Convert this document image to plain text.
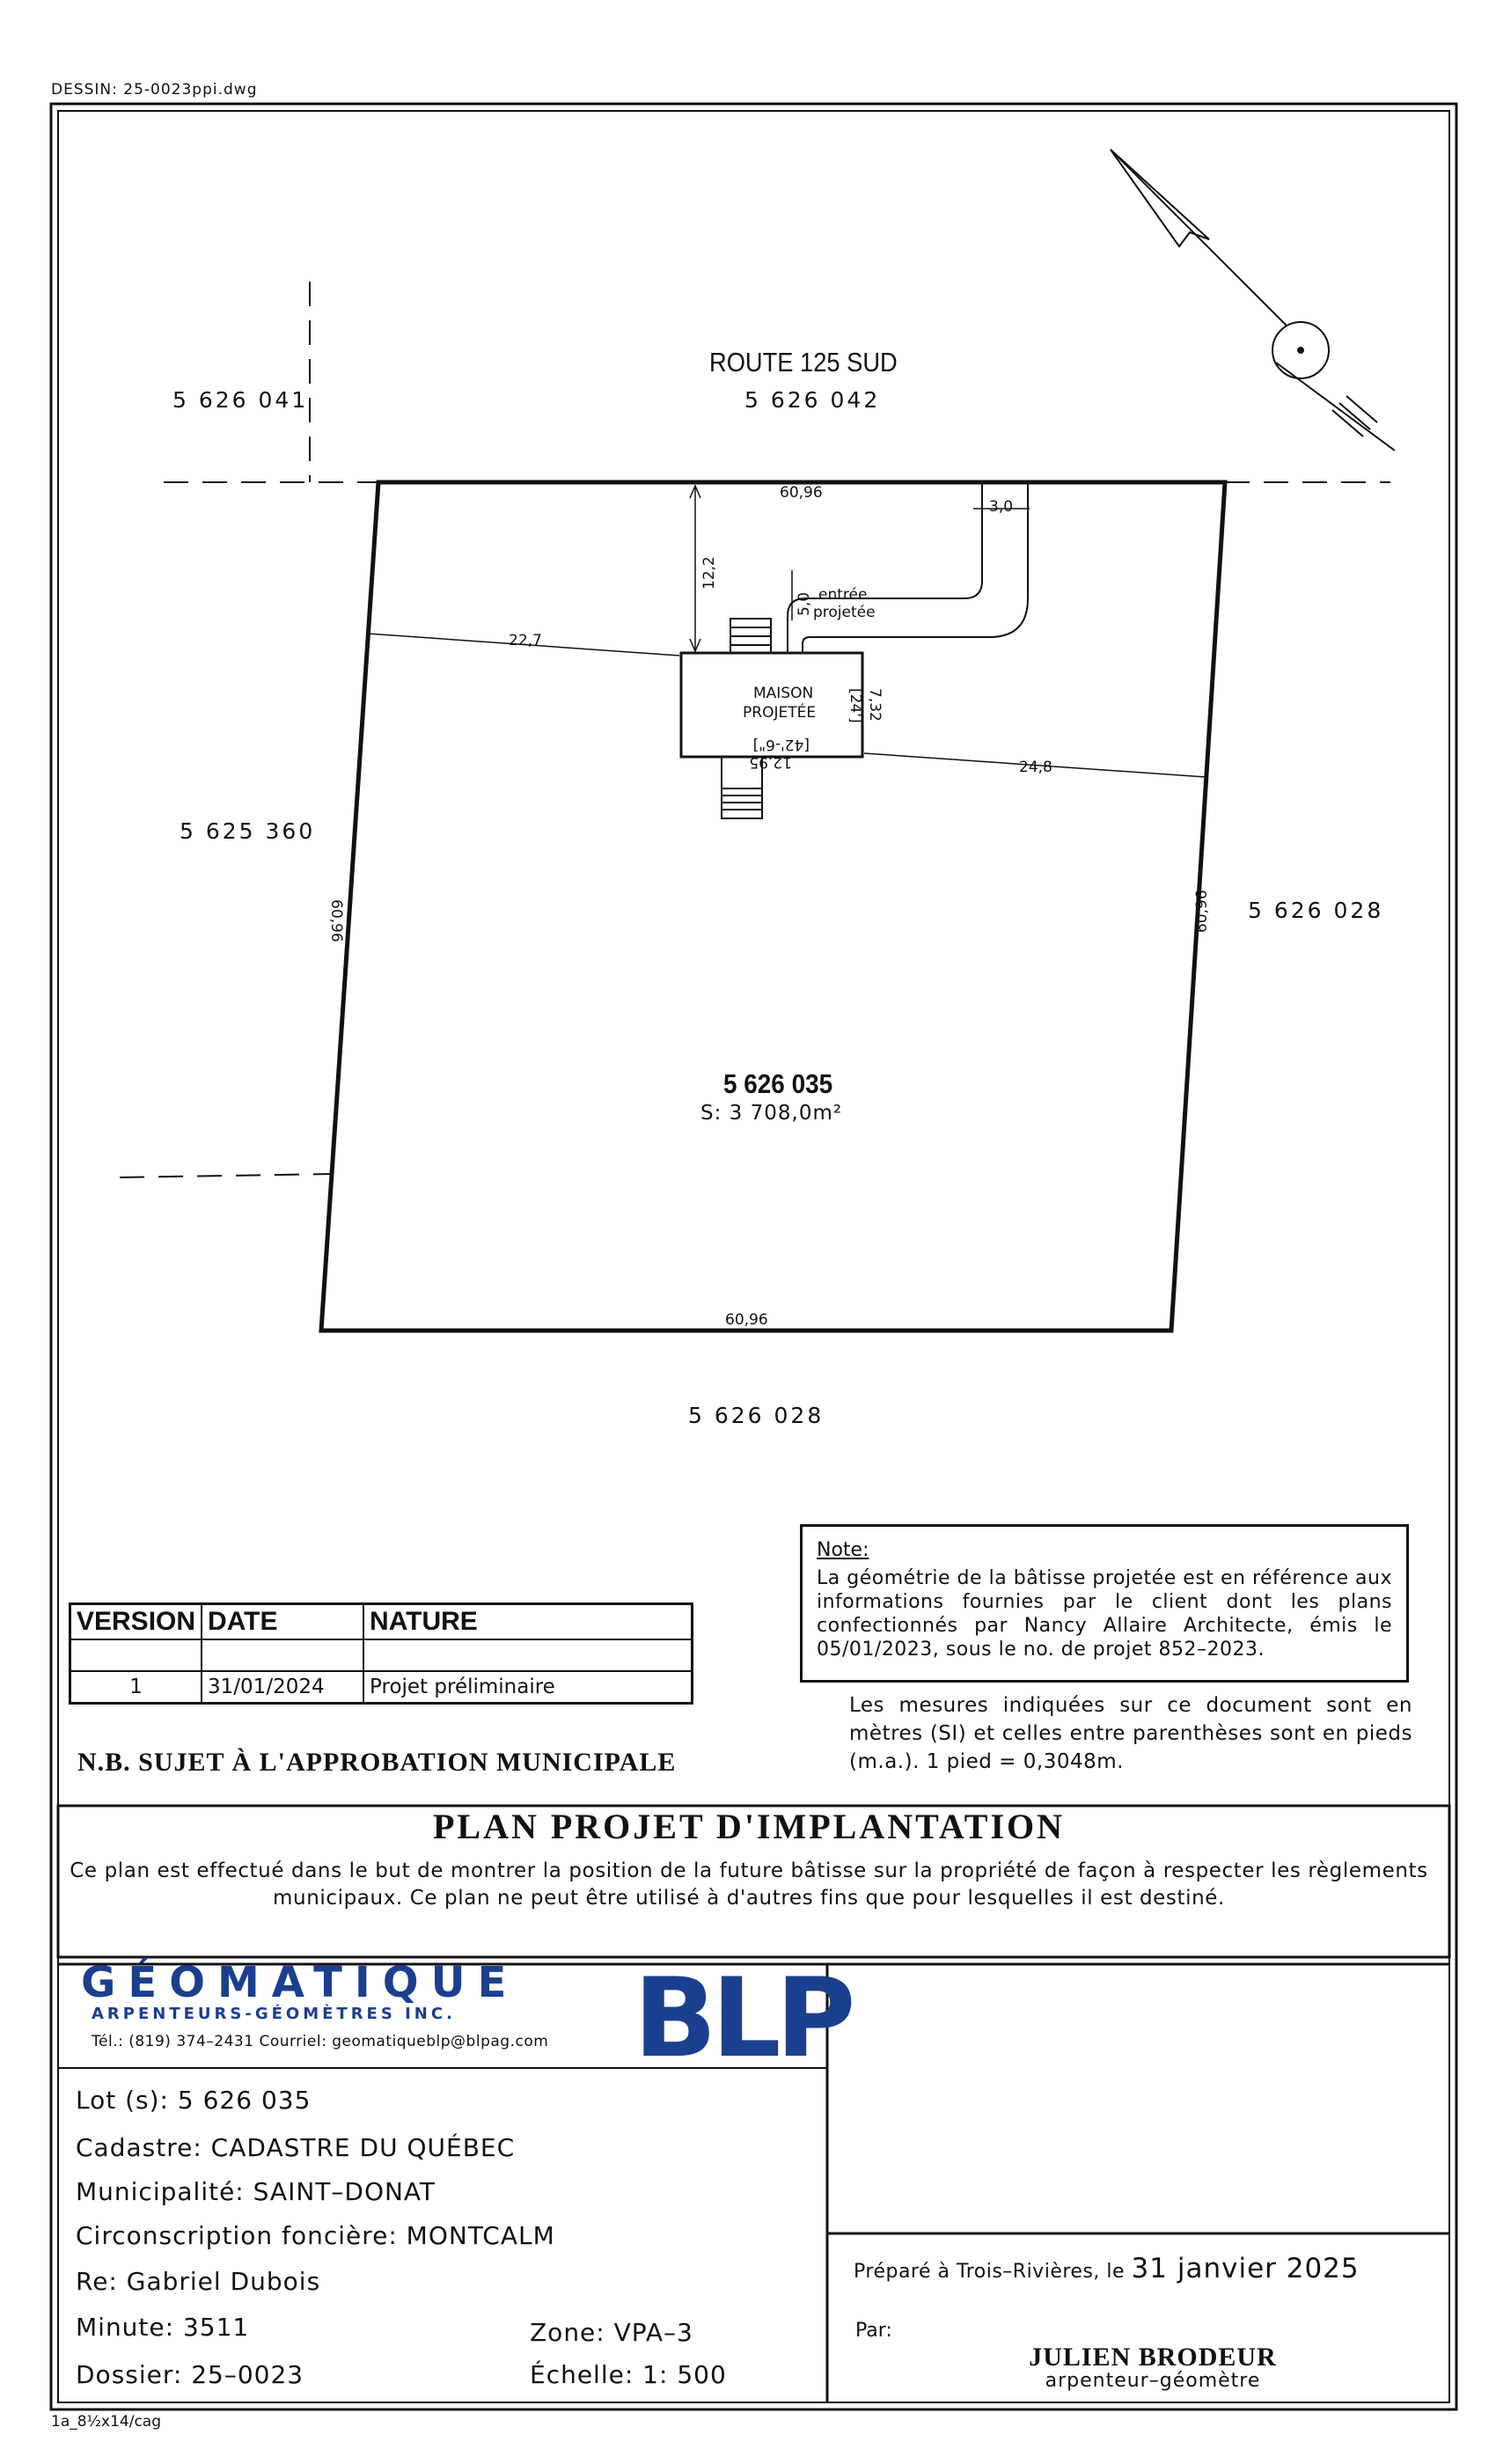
DESSIN: 25-0023ppi.dwg
1a_8½x14/cag
ROUTE 125 SUD
5 626 042
5 626 041
5 625 360
5 626 028
5 626 028
5 626 035
S: 3 708,0m²
MAISON
PROJETÉE
entrée
projetée
60,96
60,96
60,96	60,96
12,2
22,7
24,8
3,0
5,0
7,32
[24']
12,95
[42'-6"]
Note:
La géométrie de la bâtisse projetée est en référence aux informations fournies par le client dont les plans confectionnés par Nancy Allaire Architecte, émis le 05/01/2023, sous le no. de projet 852–2023.
Les mesures indiquées sur ce document sont en mètres (SI) et celles entre parenthèses sont en pieds (m.a.). 1 pied = 0,3048m.
VERSION	DATE	NATURE

1	31/01/2024	Projet préliminaire
N.B. SUJET À L'APPROBATION MUNICIPALE
PLAN PROJET D'IMPLANTATION
Ce plan est effectué dans le but de montrer la position de la future bâtisse sur la propriété de façon à respecter les règlements municipaux. Ce plan ne peut être utilisé à d'autres fins que pour lesquelles il est destiné.
GÉOMATIQUE
ARPENTEURS-GÉOMÈTRES INC.
Tél.: (819) 374–2431 Courriel: geomatiqueblp@blpag.com BLP
Lot (s): 5 626 035
Cadastre: CADASTRE DU QUÉBEC
Municipalité: SAINT–DONAT
Circonscription foncière: MONTCALM
Re: Gabriel Dubois
Minute: 3511
Dossier: 25–0023
Zone: VPA–3
Échelle: 1: 500
Préparé à Trois–Rivières, le 31 janvier 2025
Par:
JULIEN BRODEUR
arpenteur–géomètre
